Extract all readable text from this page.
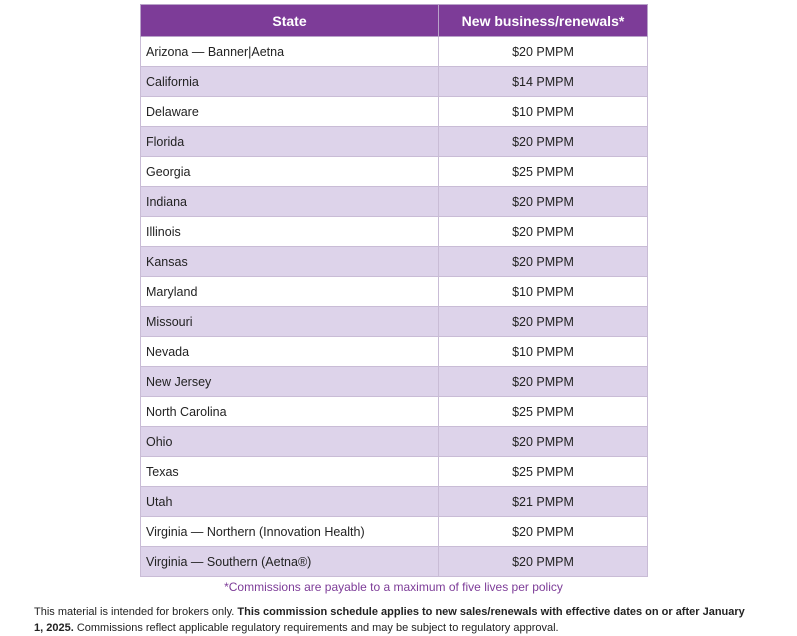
State	New business/renewals*
Arizona — Banner|Aetna	$20 PMPM
California	$14 PMPM
Delaware	$10 PMPM
Florida	$20 PMPM
Georgia	$25 PMPM
Indiana	$20 PMPM
Illinois	$20 PMPM
Kansas	$20 PMPM
Maryland	$10 PMPM
Missouri	$20 PMPM
Nevada	$10 PMPM
New Jersey	$20 PMPM
North Carolina	$25 PMPM
Ohio	$20 PMPM
Texas	$25 PMPM
Utah	$21 PMPM
Virginia — Northern (Innovation Health)	$20 PMPM
Virginia — Southern (Aetna®)	$20 PMPM
*Commissions are payable to a maximum of five lives per policy
This material is intended for brokers only. This commission schedule applies to new sales/renewals with effective dates on or after January 1, 2025. Commissions reflect applicable regulatory requirements and may be subject to regulatory approval.
